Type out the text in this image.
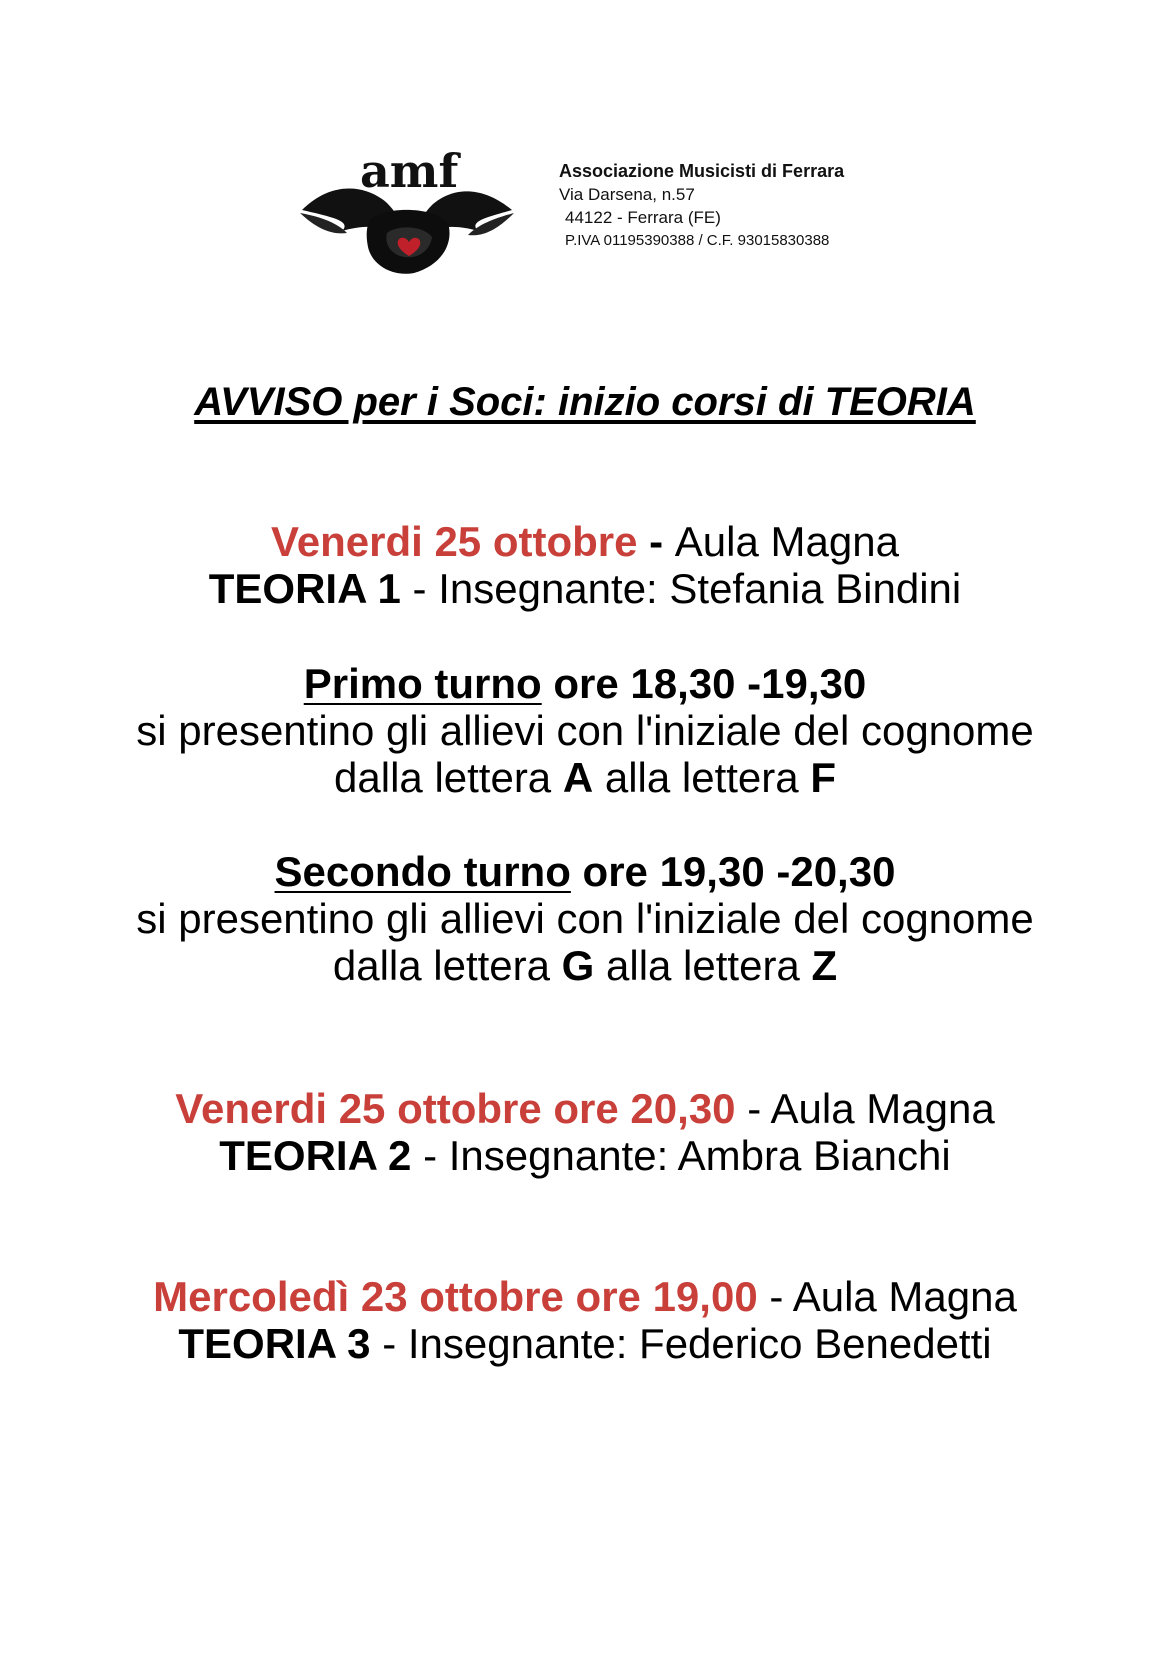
amf	Associazione Musicisti di Ferrara
Via Darsena, n.57
44122 - Ferrara (FE)
P.IVA 01195390388 / C.F. 93015830388
AVVISO per i Soci: inizio corsi di TEORIA
Venerdi 25 ottobre - Aula Magna
TEORIA 1 - Insegnante: Stefania Bindini
Primo turno ore 18,30 -19,30
si presentino gli allievi con l'iniziale del cognome
dalla lettera A alla lettera F
Secondo turno ore 19,30 -20,30
si presentino gli allievi con l'iniziale del cognome
dalla lettera G alla lettera Z
Venerdi 25 ottobre ore 20,30 - Aula Magna
TEORIA 2 - Insegnante: Ambra Bianchi
Mercoledì 23 ottobre ore 19,00 - Aula Magna
TEORIA 3 - Insegnante: Federico Benedetti
